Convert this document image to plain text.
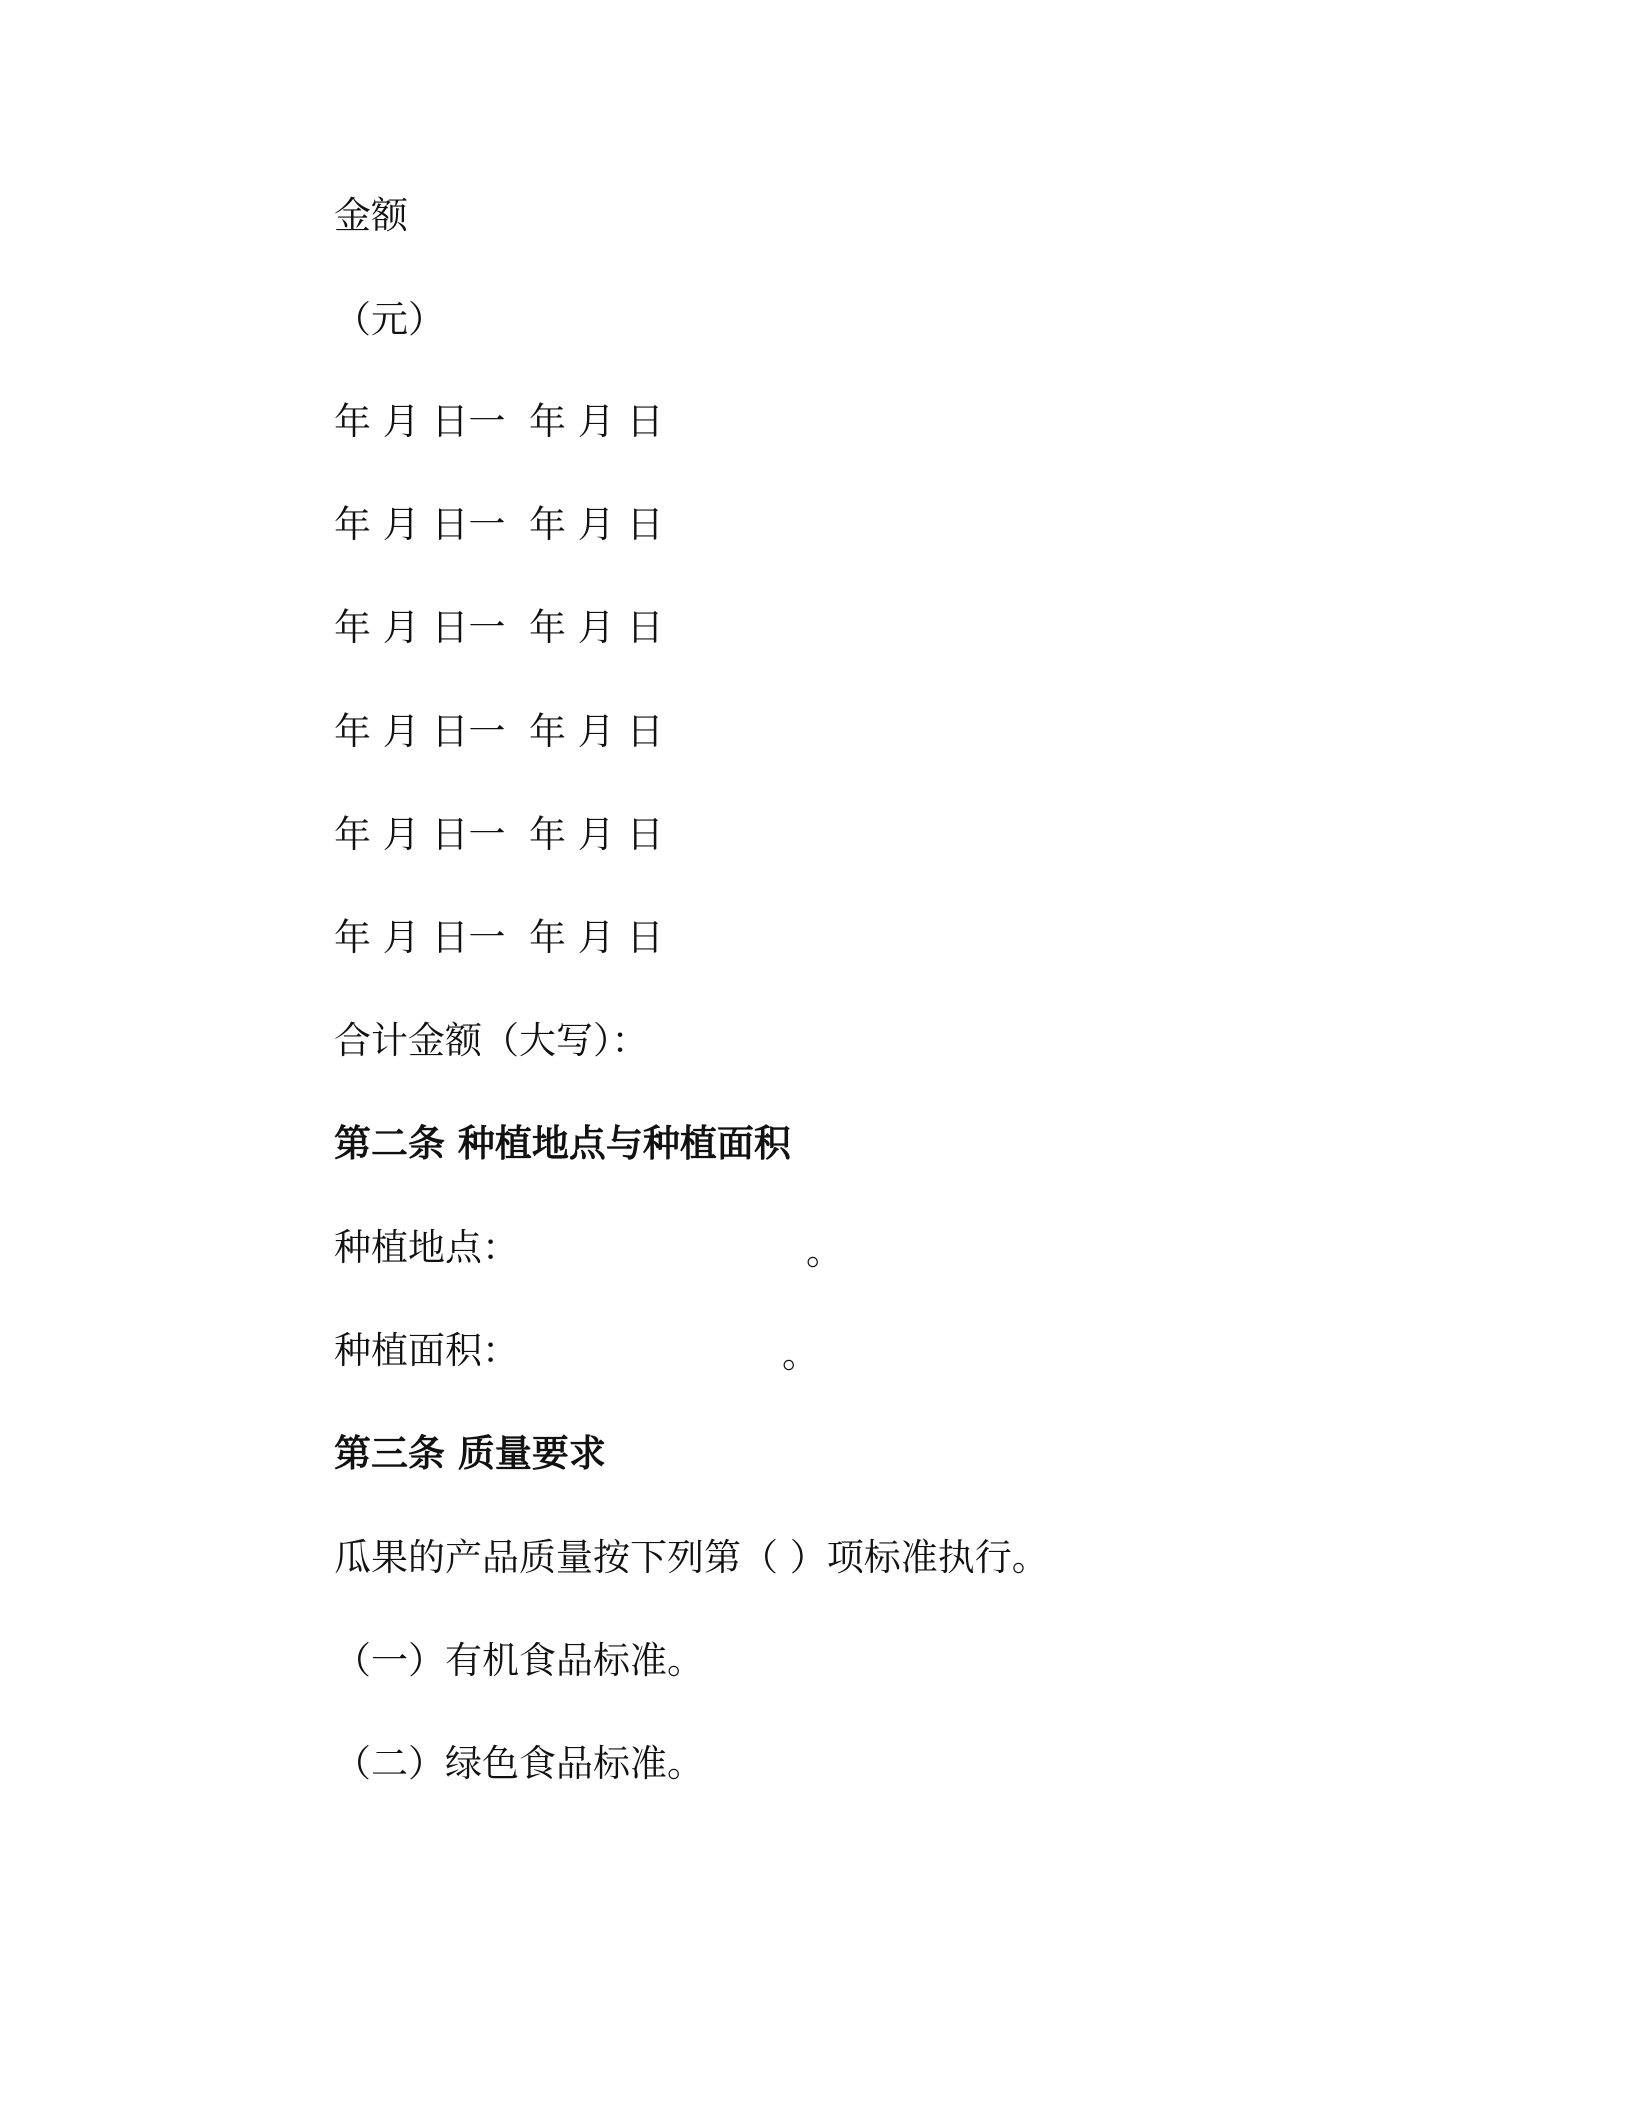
金额

（元）

年 月 日一  年 月 日

年 月 日一  年 月 日

年 月 日一  年 月 日

年 月 日一  年 月 日

年 月 日一  年 月 日

年 月 日一  年 月 日

合计金额（大写）：

第二条 种植地点与种植面积

种植地点：	。

种植面积：	。

第三条 质量要求

瓜果的产品质量按下列第（ ）项标准执行。

（一）有机食品标准。

（二）绿色食品标准。
